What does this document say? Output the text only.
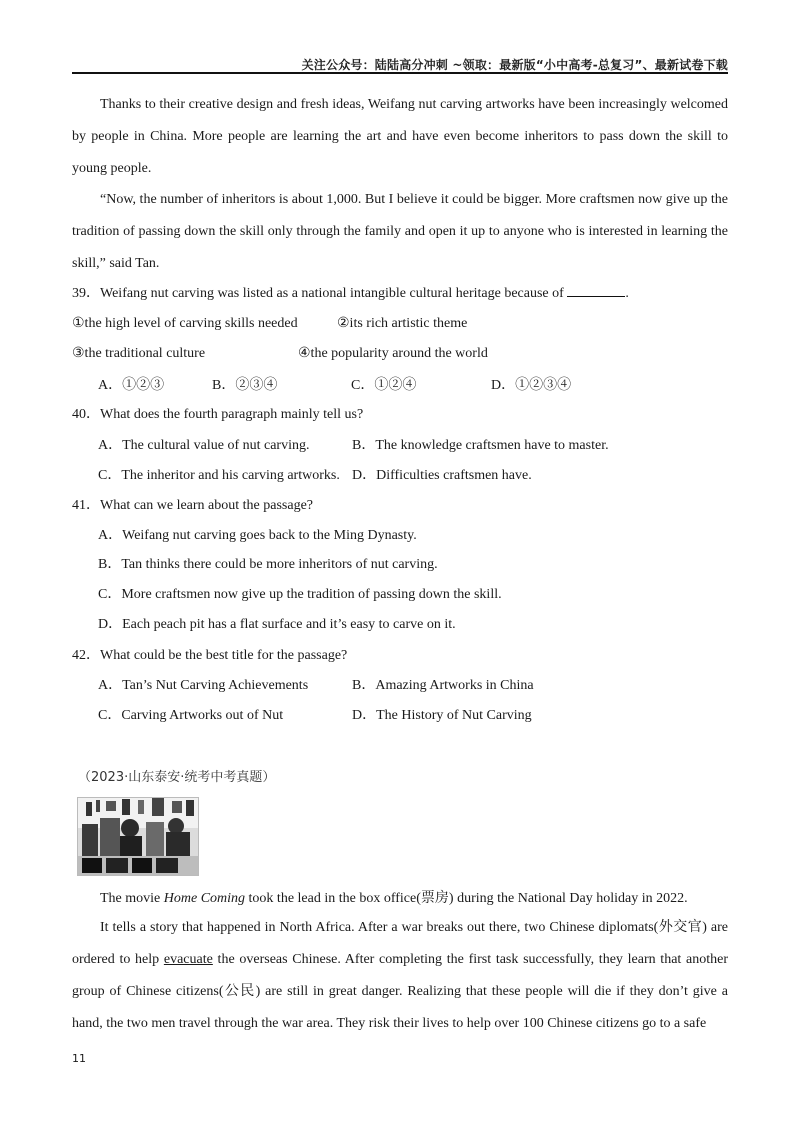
关注公众号：陆陆高分冲刺 ~领取：最新版“小中高考-总复习”、最新试卷下载
Thanks to their creative design and fresh ideas, Weifang nut carving artworks have been increasingly welcomed by people in China. More people are learning the art and have even become inheritors to pass down the skill to young people.
“Now, the number of inheritors is about 1,000. But I believe it could be bigger. More craftsmen now give up the tradition of passing down the skill only through the family and open it up to anyone who is interested in learning the skill,” said Tan.
39．Weifang nut carving was listed as a national intangible cultural heritage because of	.
①the high level of carving skills needed	②its rich artistic theme
③the traditional culture	④the popularity around the world
A．①②③	B．②③④	C．①②④	D．①②③④
40．What does the fourth paragraph mainly tell us?
A．The cultural value of nut carving.	B．The knowledge craftsmen have to master.
C．The inheritor and his carving artworks. D．Difficulties craftsmen have.
41．What can we learn about the passage?
A．Weifang nut carving goes back to the Ming Dynasty.
B．Tan thinks there could be more inheritors of nut carving.
C．More craftsmen now give up the tradition of passing down the skill.
D．Each peach pit has a flat surface and it’s easy to carve on it.
42．What could be the best title for the passage?
A．Tan’s Nut Carving Achievements	B．Amazing Artworks in China
C．Carving Artworks out of Nut	D．The History of Nut Carving
（2023·山东泰安·统考中考真题）
The movie Home Coming took the lead in the box office(票房) during the National Day holiday in 2022.
It tells a story that happened in North Africa. After a war breaks out there, two Chinese diplomats(外交官) are ordered to help evacuate the overseas Chinese. After completing the first task successfully, they learn that another group of Chinese citizens(公民) are still in great danger. Realizing that these people will die if they don’t give a hand, the two men travel through the war area. They risk their lives to help over 100 Chinese citizens go to a safe
11
